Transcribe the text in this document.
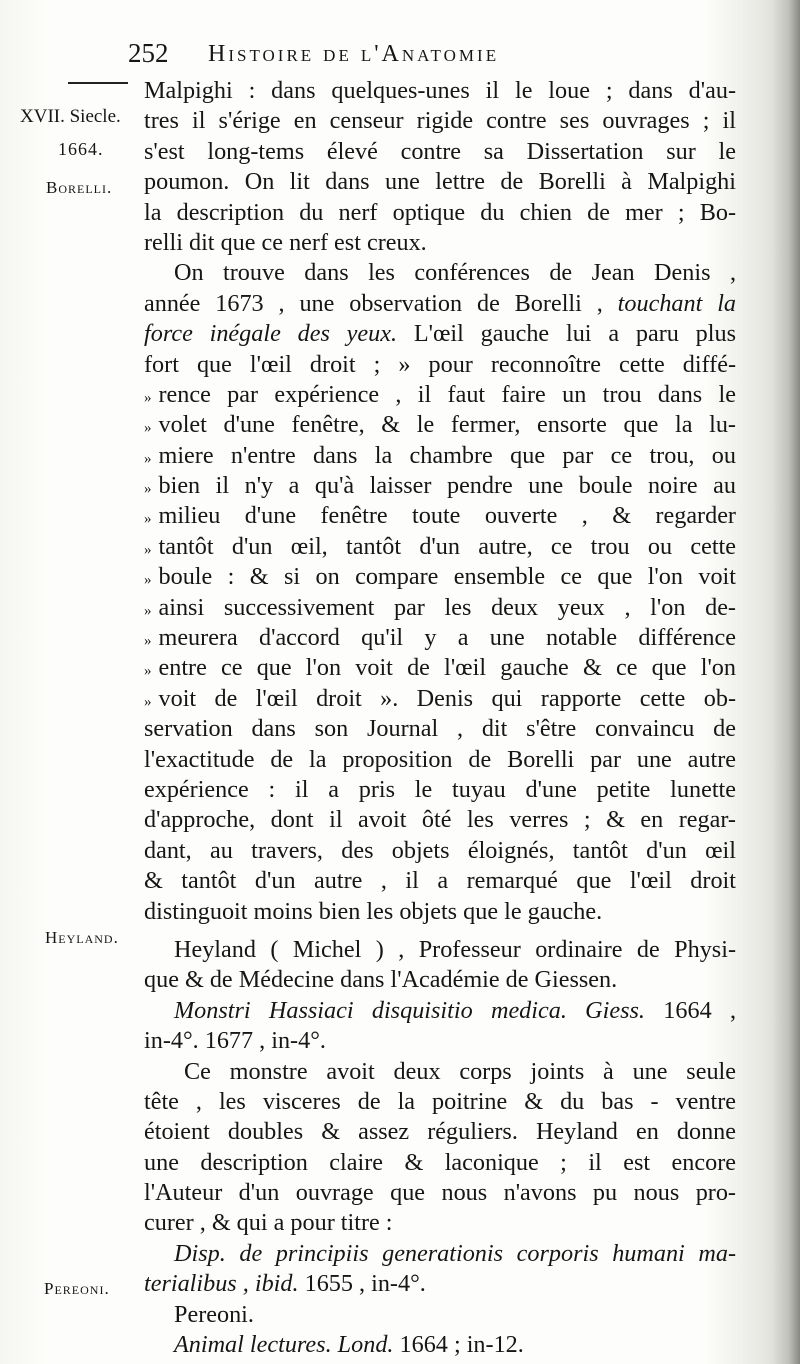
252 Histoire de l'Anatomie
XVII. Siecle.
1664.
Borelli.
Heyland.
Pereoni.
Malpighi : dans quelques-unes il le loue ; dans d'au-
tres il s'érige en censeur rigide contre ses ouvrages ; il
s'est long-tems élevé contre sa Dissertation sur le
poumon. On lit dans une lettre de Borelli à Malpighi
la description du nerf optique du chien de mer ; Bo-
relli dit que ce nerf est creux.
On trouve dans les conférences de Jean Denis ,
année 1673 , une observation de Borelli , touchant la
force inégale des yeux. L'œil gauche lui a paru plus
fort que l'œil droit ; » pour reconnoître cette diffé-
» rence par expérience , il faut faire un trou dans le
» volet d'une fenêtre, & le fermer, ensorte que la lu-
» miere n'entre dans la chambre que par ce trou, ou
» bien il n'y a qu'à laisser pendre une boule noire au
» milieu d'une fenêtre toute ouverte , & regarder
» tantôt d'un œil, tantôt d'un autre, ce trou ou cette
» boule : & si on compare ensemble ce que l'on voit
» ainsi successivement par les deux yeux , l'on de-
» meurera d'accord qu'il y a une notable différence
» entre ce que l'on voit de l'œil gauche & ce que l'on
» voit de l'œil droit ». Denis qui rapporte cette ob-
servation dans son Journal , dit s'être convaincu de
l'exactitude de la proposition de Borelli par une autre
expérience : il a pris le tuyau d'une petite lunette
d'approche, dont il avoit ôté les verres ; & en regar-
dant, au travers, des objets éloignés, tantôt d'un œil
& tantôt d'un autre , il a remarqué que l'œil droit
distinguoit moins bien les objets que le gauche.
Heyland ( Michel ) , Professeur ordinaire de Physi-
que & de Médecine dans l'Académie de Giessen.
Monstri Hassiaci disquisitio medica. Giess. 1664 ,
in-4°. 1677 , in-4°.
Ce monstre avoit deux corps joints à une seule
tête , les visceres de la poitrine & du bas - ventre
étoient doubles & assez réguliers. Heyland en donne
une description claire & laconique ; il est encore
l'Auteur d'un ouvrage que nous n'avons pu nous pro-
curer , & qui a pour titre :
Disp. de principiis generationis corporis humani ma-
terialibus , ibid. 1655 , in-4°.
Pereoni.
Animal lectures. Lond. 1664 ; in-12.
